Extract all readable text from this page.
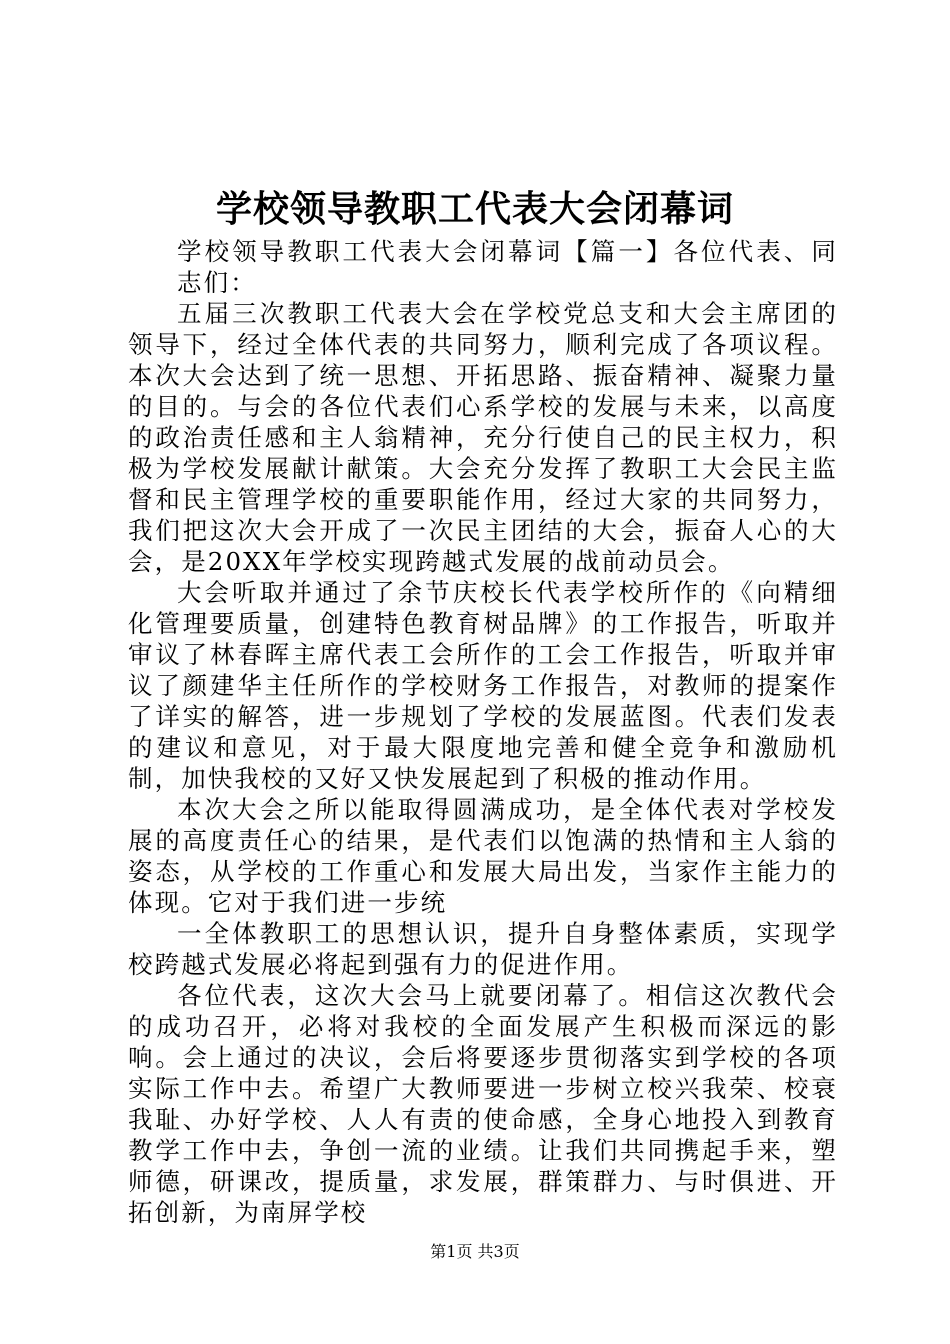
学校领导教职工代表大会闭幕词

学校领导教职工代表大会闭幕词【篇一】各位代表、同志们：

五届三次教职工代表大会在学校党总支和大会主席团的领导下，经过全体代表的共同努力，顺利完成了各项议程。本次大会达到了统一思想、开拓思路、振奋精神、凝聚力量的目的。与会的各位代表们心系学校的发展与未来，以高度的政治责任感和主人翁精神，充分行使自己的民主权力，积极为学校发展献计献策。大会充分发挥了教职工大会民主监督和民主管理学校的重要职能作用，经过大家的共同努力，我们把这次大会开成了一次民主团结的大会，振奋人心的大会，是20XX年学校实现跨越式发展的战前动员会。

大会听取并通过了余节庆校长代表学校所作的《向精细化管理要质量，创建特色教育树品牌》的工作报告，听取并审议了林春晖主席代表工会所作的工会工作报告，听取并审议了颜建华主任所作的学校财务工作报告，对教师的提案作了详实的解答，进一步规划了学校的发展蓝图。代表们发表的建议和意见，对于最大限度地完善和健全竞争和激励机制，加快我校的又好又快发展起到了积极的推动作用。

本次大会之所以能取得圆满成功，是全体代表对学校发展的高度责任心的结果，是代表们以饱满的热情和主人翁的姿态，从学校的工作重心和发展大局出发，当家作主能力的体现。它对于我们进一步统

一全体教职工的思想认识，提升自身整体素质，实现学校跨越式发展必将起到强有力的促进作用。

各位代表，这次大会马上就要闭幕了。相信这次教代会的成功召开，必将对我校的全面发展产生积极而深远的影响。会上通过的决议，会后将要逐步贯彻落实到学校的各项实际工作中去。希望广大教师要进一步树立校兴我荣、校衰我耻、办好学校、人人有责的使命感，全身心地投入到教育教学工作中去，争创一流的业绩。让我们共同携起手来，塑师德，研课改，提质量，求发展，群策群力、与时俱进、开拓创新，为南屏学校

第1页 共3页
